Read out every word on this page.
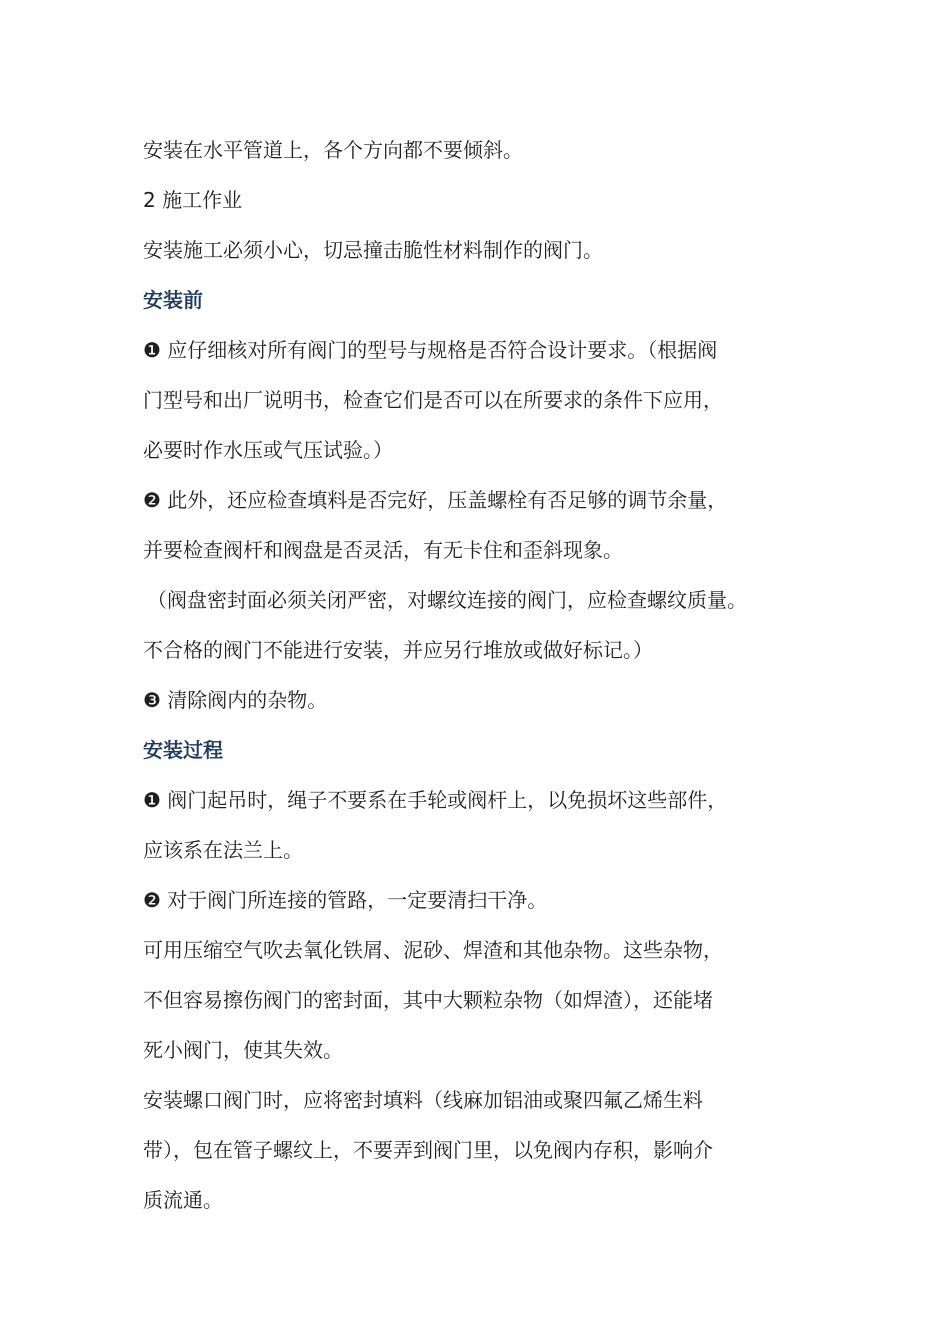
安装在水平管道上，各个方向都不要倾斜。
2 施工作业
安装施工必须小心，切忌撞击脆性材料制作的阀门。
安装前
❶ 应仔细核对所有阀门的型号与规格是否符合设计要求。（根据阀
门型号和出厂说明书，检查它们是否可以在所要求的条件下应用，
必要时作水压或气压试验。）
❷ 此外，还应检查填料是否完好，压盖螺栓有否足够的调节余量，
并要检查阀杆和阀盘是否灵活，有无卡住和歪斜现象。
（阀盘密封面必须关闭严密，对螺纹连接的阀门，应检查螺纹质量。
不合格的阀门不能进行安装，并应另行堆放或做好标记。）
❸ 清除阀内的杂物。
安装过程
❶ 阀门起吊时，绳子不要系在手轮或阀杆上，以免损坏这些部件，
应该系在法兰上。
❷ 对于阀门所连接的管路，一定要清扫干净。
可用压缩空气吹去氧化铁屑、泥砂、焊渣和其他杂物。这些杂物，
不但容易擦伤阀门的密封面，其中大颗粒杂物（如焊渣），还能堵
死小阀门，使其失效。
安装螺口阀门时，应将密封填料（线麻加铝油或聚四氟乙烯生料
带），包在管子螺纹上，不要弄到阀门里，以免阀内存积，影响介
质流通。
